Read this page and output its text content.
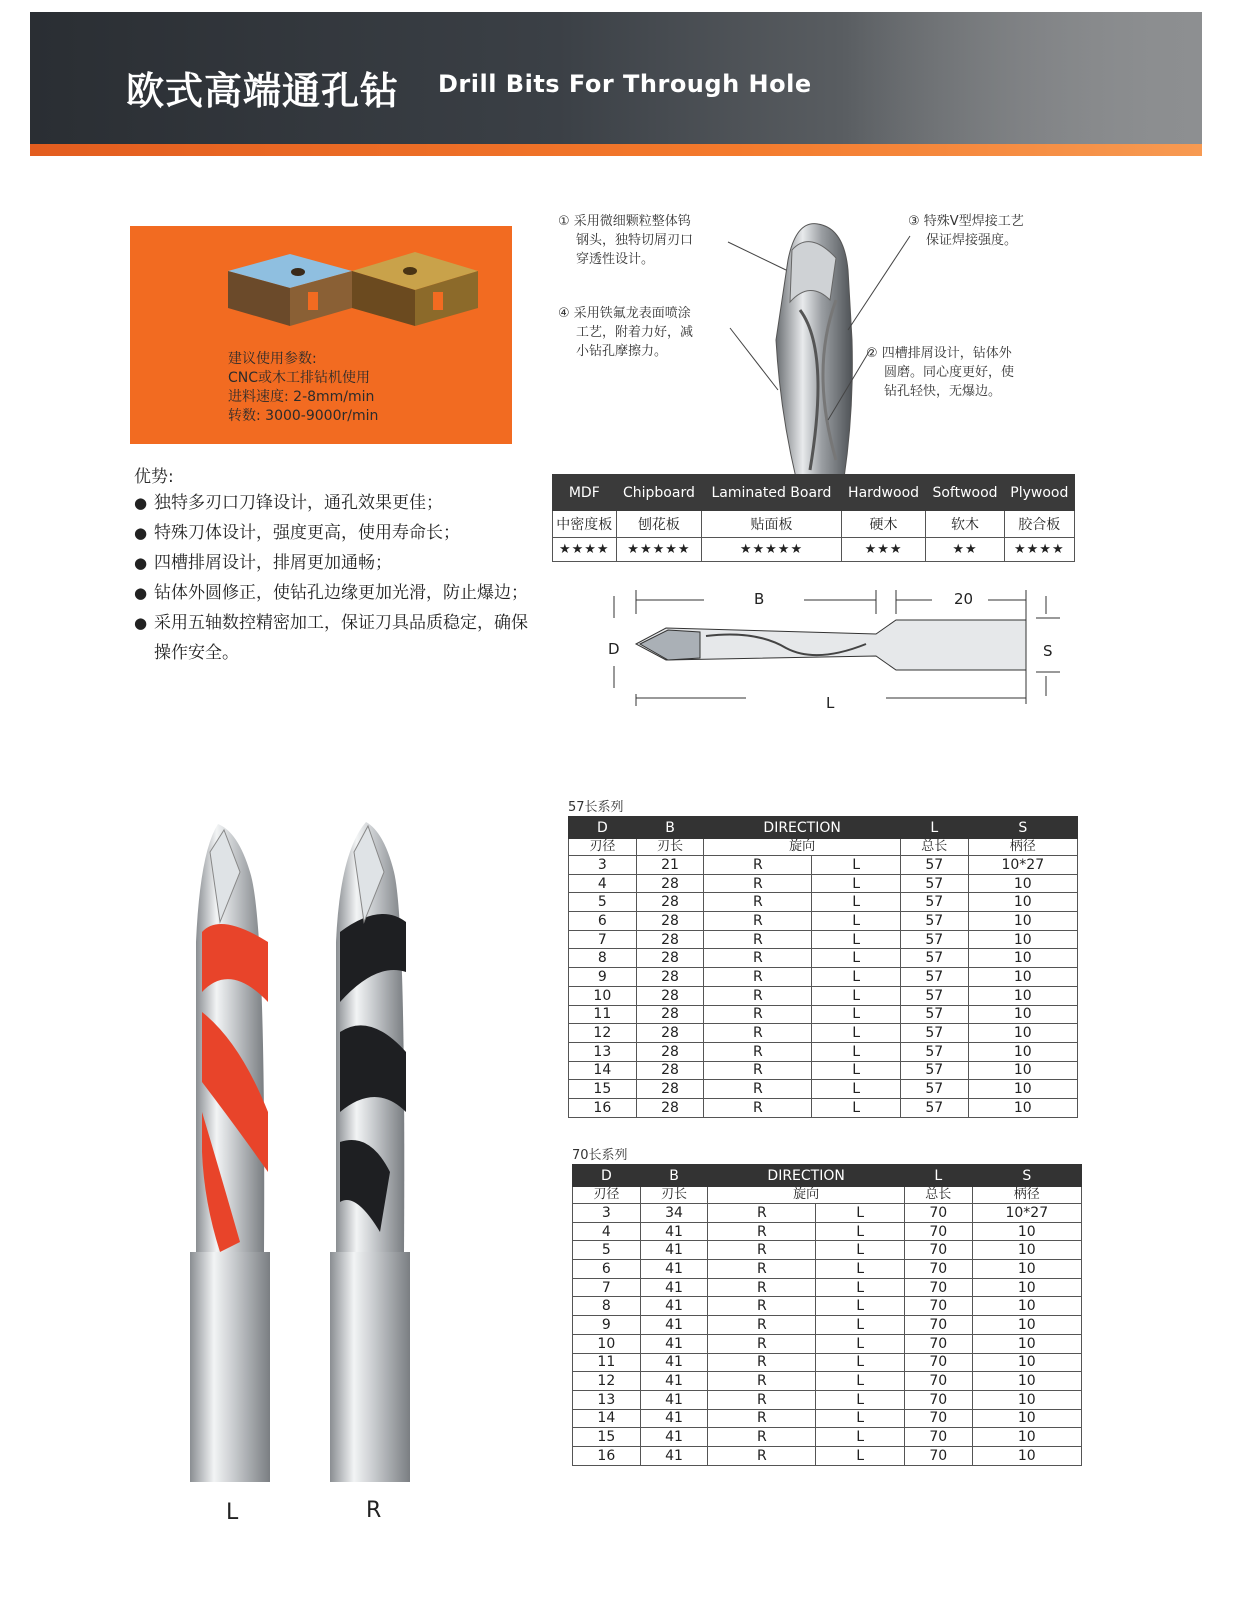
欧式高端通孔钻 Drill Bits For Through Hole
建议使用参数:
CNC或木工排钻机使用
进料速度: 2-8mm/min
转数: 3000-9000r/min
优势:
● 独特多刃口刀锋设计，通孔效果更佳；
● 特殊刀体设计，强度更高，使用寿命长；
● 四槽排屑设计，排屑更加通畅；
● 钻体外圆修正，使钻孔边缘更加光滑，防止爆边；
● 采用五轴数控精密加工，保证刀具品质稳定，确保操作安全。
① 采用微细颗粒整体钨
钢头，独特切屑刃口
穿透性设计。
③ 特殊V型焊接工艺
保证焊接强度。
④ 采用铁氟龙表面喷涂
工艺，附着力好，减
小钻孔摩擦力。	② 四槽排屑设计，钻体外
圆磨。同心度更好，使
钻孔轻快，无爆边。
MDF	Chipboard	Laminated Board	Hardwood	Softwood	Plywood
中密度板	刨花板	贴面板	硬木	软木	胶合板
★★★★	★★★★★	★★★★★	★★★	★★	★★★★
B	20
D	S
L
L	R
57长系列
D	B	DIRECTION		L	S
刃径	刃长	旋向		总长	柄径
3	21	R	L	57	10*27
4	28	R	L	57	10
5	28	R	L	57	10
6	28	R	L	57	10
7	28	R	L	57	10
8	28	R	L	57	10
9	28	R	L	57	10
10	28	R	L	57	10
11	28	R	L	57	10
12	28	R	L	57	10
13	28	R	L	57	10
14	28	R	L	57	10
15	28	R	L	57	10
16	28	R	L	57	10
70长系列
D	B	DIRECTION		L	S
刃径	刃长	旋向		总长	柄径
3	34	R	L	70	10*27
4	41	R	L	70	10
5	41	R	L	70	10
6	41	R	L	70	10
7	41	R	L	70	10
8	41	R	L	70	10
9	41	R	L	70	10
10	41	R	L	70	10
11	41	R	L	70	10
12	41	R	L	70	10
13	41	R	L	70	10
14	41	R	L	70	10
15	41	R	L	70	10
16	41	R	L	70	10
